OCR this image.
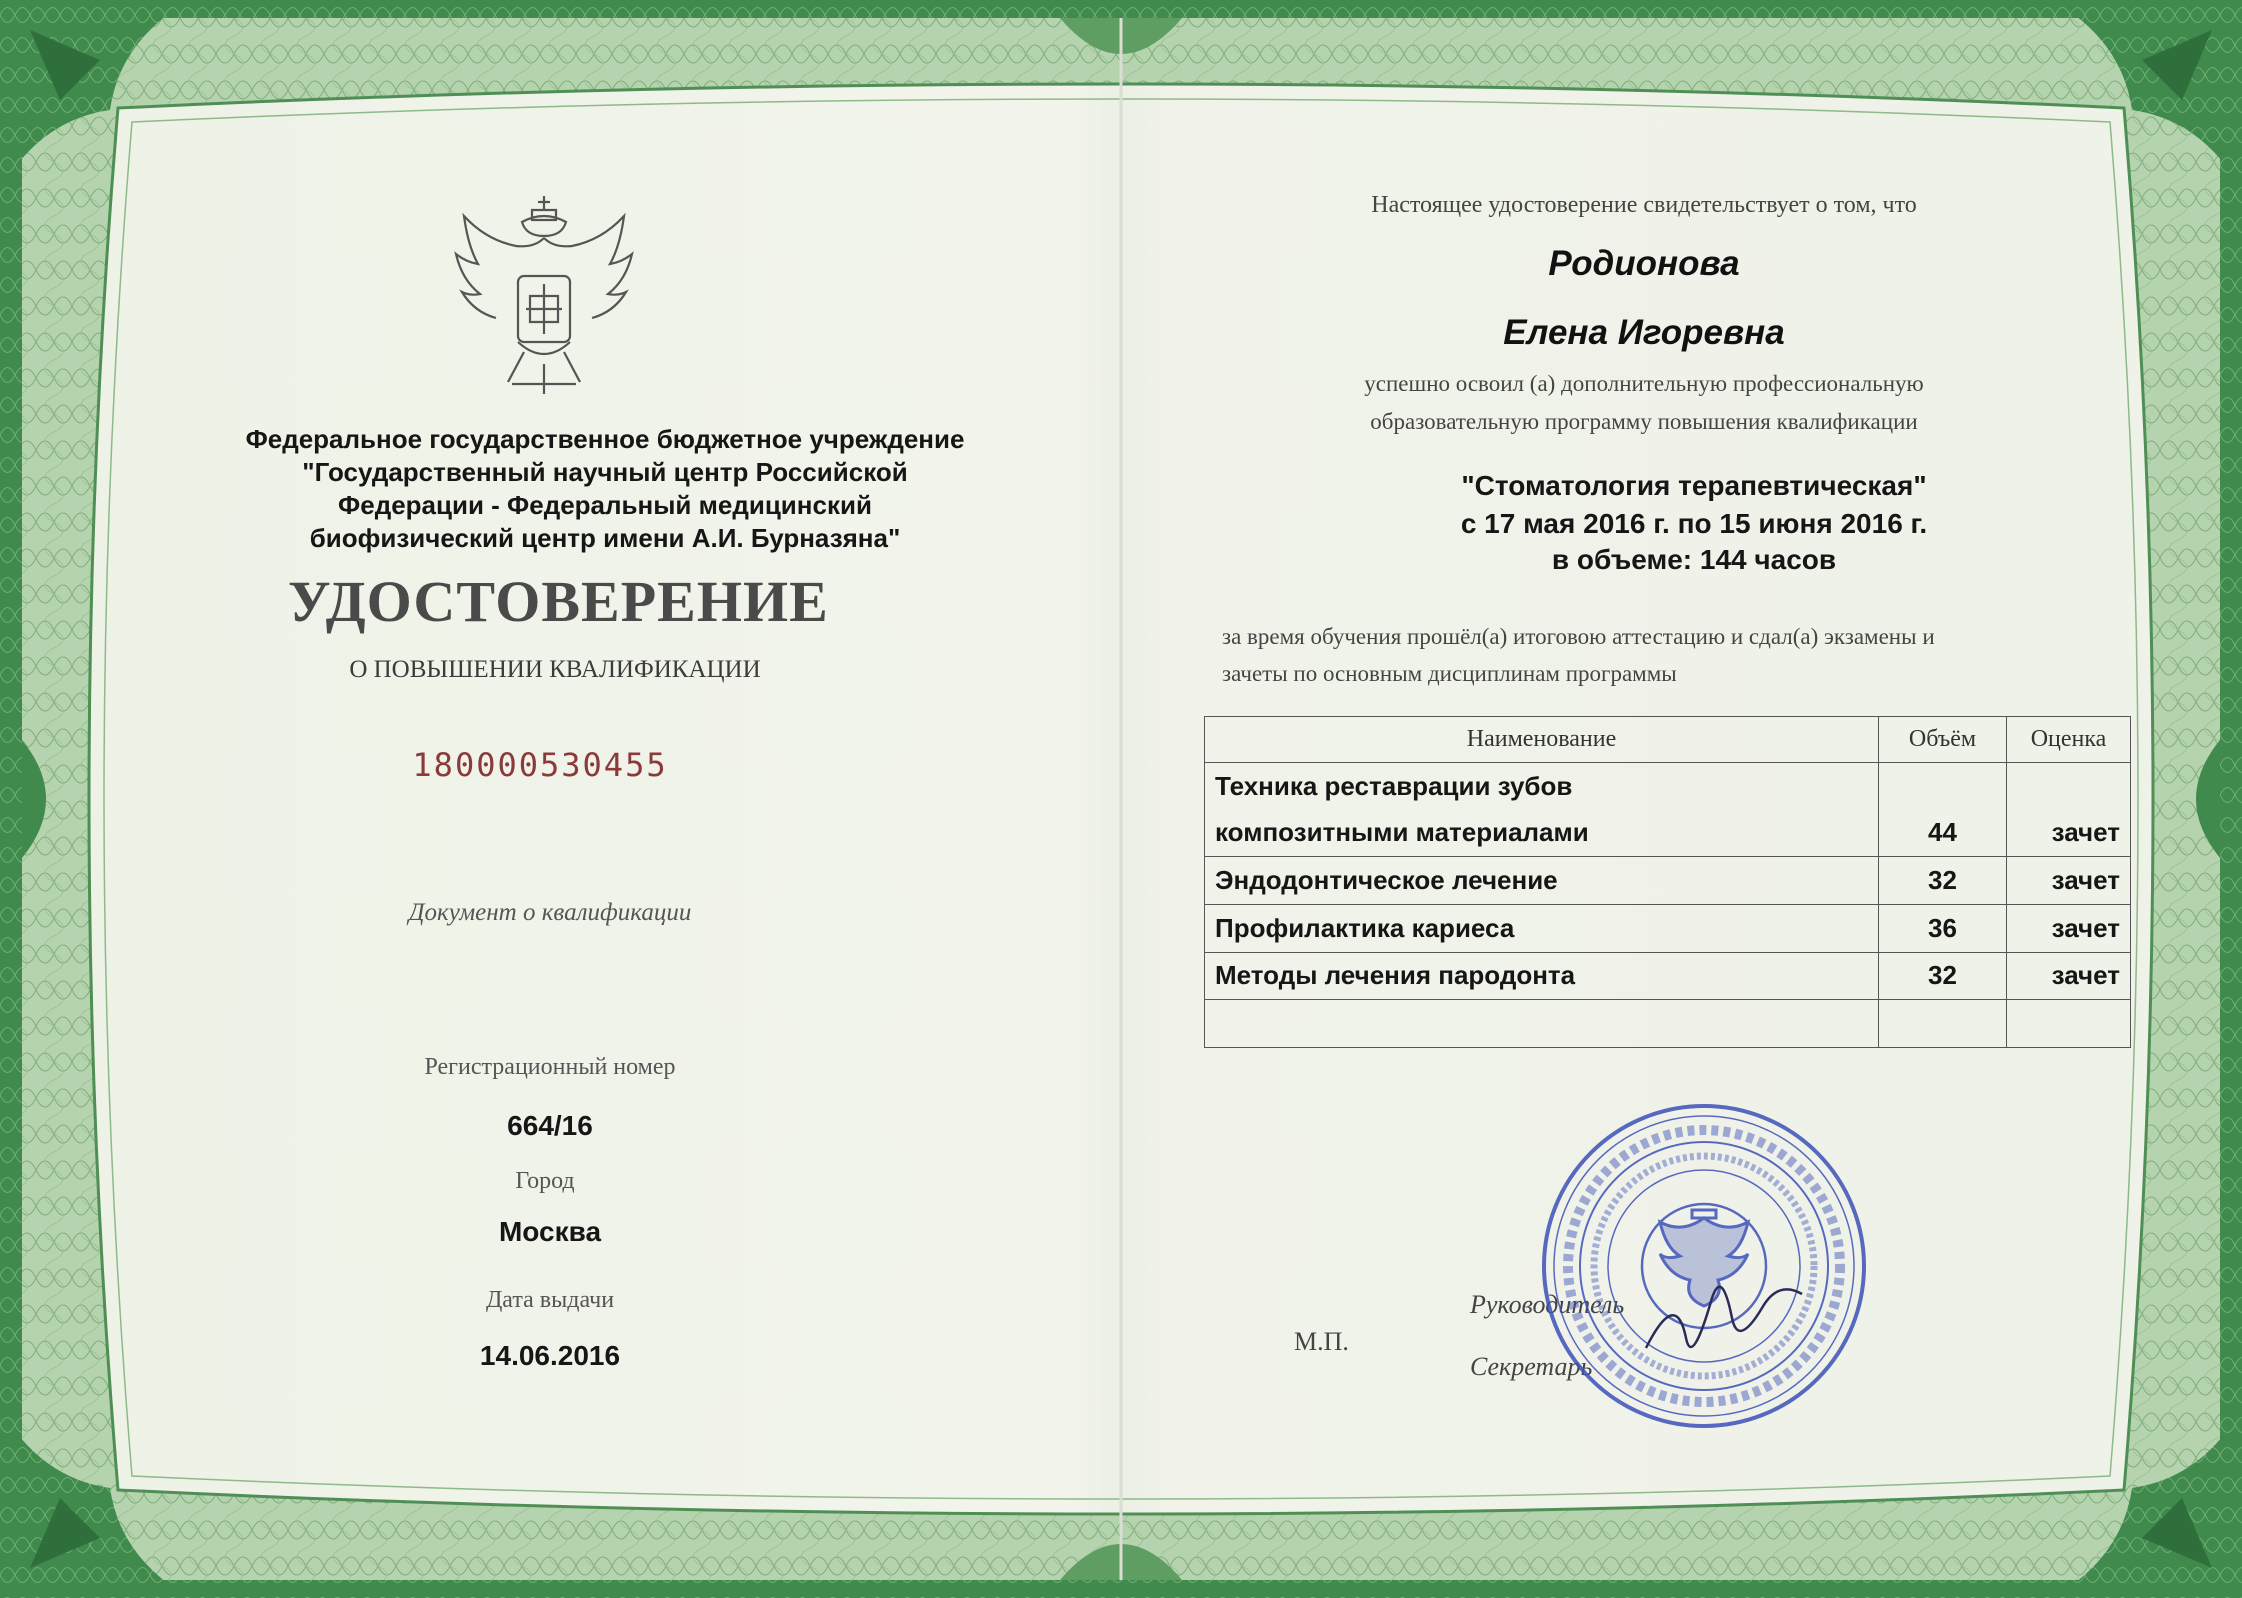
Федеральное государственное бюджетное учреждение
"Государственный научный центр Российской
Федерации - Федеральный медицинский
биофизический центр имени А.И. Бурназяна"
УДОСТОВЕРЕНИЕ
О ПОВЫШЕНИИ КВАЛИФИКАЦИИ
180000530455
Документ о квалификации
Регистрационный номер
664/16
Город
Москва
Дата выдачи
14.06.2016
Настоящее удостоверение свидетельствует о том, что
Родионова
Елена Игоревна
успешно освоил (а) дополнительную профессиональную
образовательную программу повышения квалификации
"Стоматология терапевтическая"
с 17 мая 2016 г. по 15 июня 2016 г.
в объеме: 144 часов
за время обучения прошёл(а) итоговою аттестацию и сдал(а) экзамены и
зачеты по основным дисциплинам программы
Наименование	Объём	Оценка
Техника реставрации зубов		
композитными материалами	44	зачет
Эндодонтическое лечение	32	зачет
Профилактика кариеса	36	зачет
Методы лечения пародонта	32	зачет

М.П.
Руководитель
Секретарь
